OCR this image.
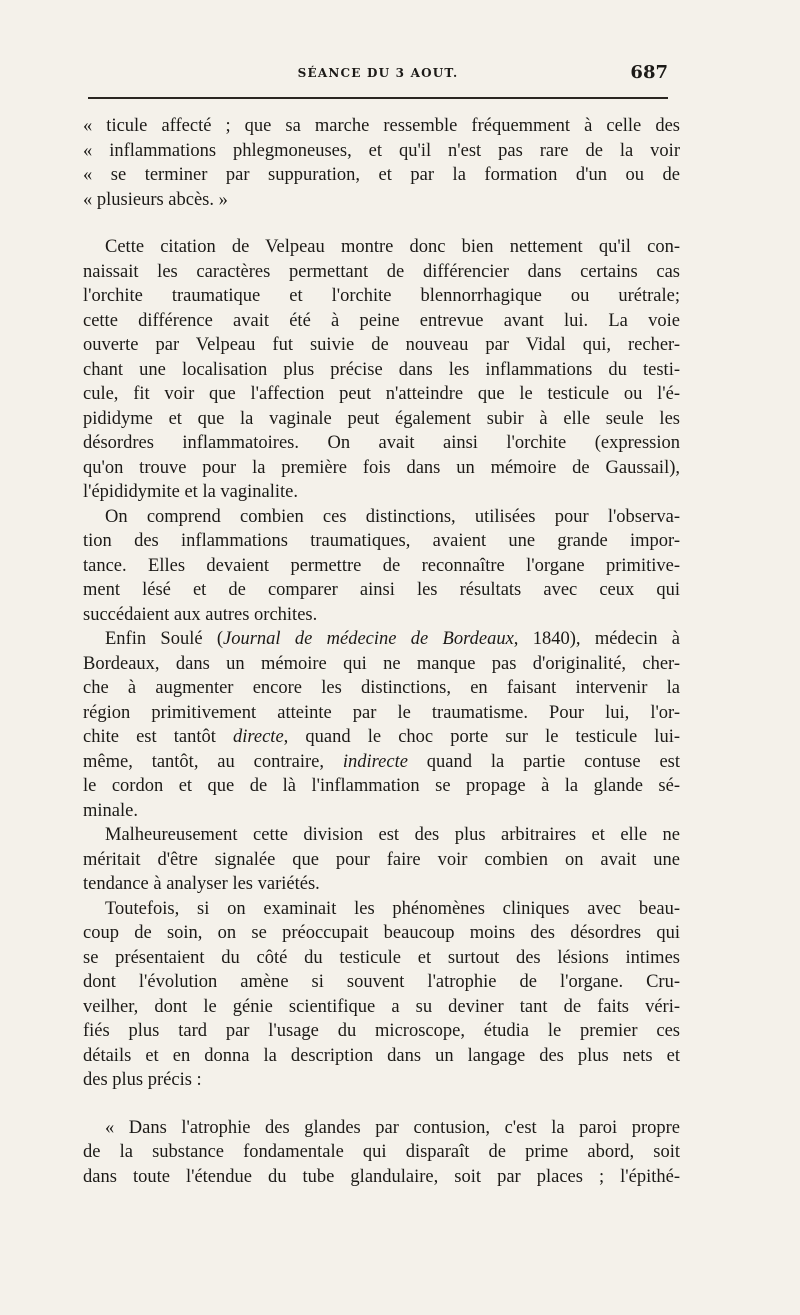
SÉANCE DU 3 AOUT.	687
« ticule affecté ; que sa marche ressemble fréquemment à celle des
« inflammations phlegmoneuses, et qu'il n'est pas rare de la voir
« se terminer par suppuration, et par la formation d'un ou de
« plusieurs abcès. »
Cette citation de Velpeau montre donc bien nettement qu'il con-
naissait les caractères permettant de différencier dans certains cas
l'orchite traumatique et l'orchite blennorrhagique ou urétrale;
cette différence avait été à peine entrevue avant lui. La voie
ouverte par Velpeau fut suivie de nouveau par Vidal qui, recher-
chant une localisation plus précise dans les inflammations du testi-
cule, fit voir que l'affection peut n'atteindre que le testicule ou l'é-
pididyme et que la vaginale peut également subir à elle seule les
désordres inflammatoires. On avait ainsi l'orchite (expression
qu'on trouve pour la première fois dans un mémoire de Gaussail),
l'épididymite et la vaginalite.
On comprend combien ces distinctions, utilisées pour l'observa-
tion des inflammations traumatiques, avaient une grande impor-
tance. Elles devaient permettre de reconnaître l'organe primitive-
ment lésé et de comparer ainsi les résultats avec ceux qui
succédaient aux autres orchites.
Enfin Soulé (Journal de médecine de Bordeaux, 1840), médecin à
Bordeaux, dans un mémoire qui ne manque pas d'originalité, cher-
che à augmenter encore les distinctions, en faisant intervenir la
région primitivement atteinte par le traumatisme. Pour lui, l'or-
chite est tantôt directe, quand le choc porte sur le testicule lui-
même, tantôt, au contraire, indirecte quand la partie contuse est
le cordon et que de là l'inflammation se propage à la glande sé-
minale.
Malheureusement cette division est des plus arbitraires et elle ne
méritait d'être signalée que pour faire voir combien on avait une
tendance à analyser les variétés.
Toutefois, si on examinait les phénomènes cliniques avec beau-
coup de soin, on se préoccupait beaucoup moins des désordres qui
se présentaient du côté du testicule et surtout des lésions intimes
dont l'évolution amène si souvent l'atrophie de l'organe. Cru-
veilher, dont le génie scientifique a su deviner tant de faits véri-
fiés plus tard par l'usage du microscope, étudia le premier ces
détails et en donna la description dans un langage des plus nets et
des plus précis :
« Dans l'atrophie des glandes par contusion, c'est la paroi propre
de la substance fondamentale qui disparaît de prime abord, soit
dans toute l'étendue du tube glandulaire, soit par places ; l'épithé-
